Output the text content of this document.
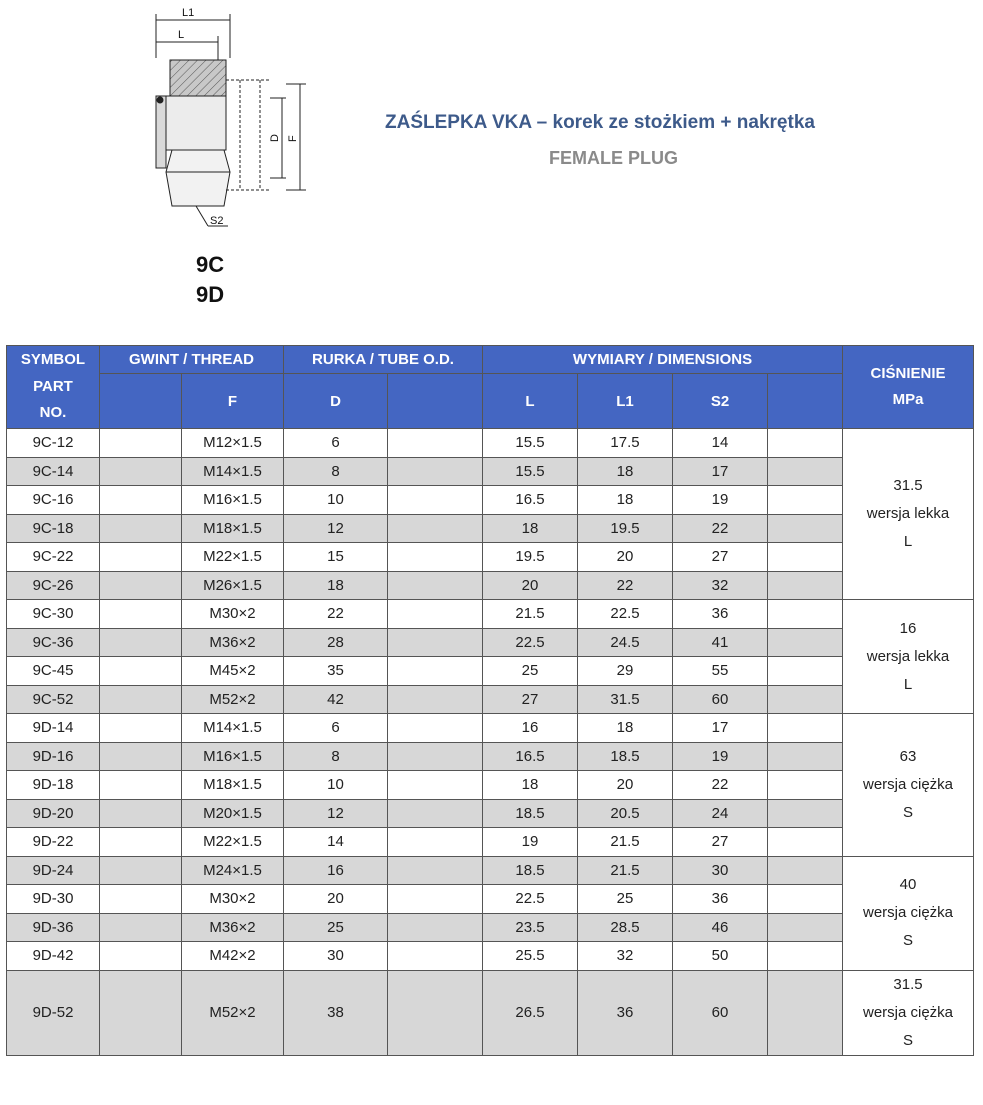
L1
L
D F
S2
9C
9D
ZAŚLEPKA VKA – korek ze stożkiem + nakrętka
FEMALE PLUG
SYMBOL
PART NO.	GWINT / THREAD		RURKA / TUBE O.D.		WYMIARY / DIMENSIONS				CIŚNIENIE MPa

		F	D		L	L1	S2		
9C-12		M12×1.5	6		15.5	17.5	14		31.5
wersja lekka
L

9C-14		M14×1.5	8		15.5	18	17		
9C-16		M16×1.5	10		16.5	18	19		
9C-18		M18×1.5	12		18	19.5	22		
9C-22		M22×1.5	15		19.5	20	27		
9C-26		M26×1.5	18		20	22	32		
9C-30		M30×2	22		21.5	22.5	36		16
wersja lekka
L

9C-36		M36×2	28		22.5	24.5	41		
9C-45		M45×2	35		25	29	55		
9C-52		M52×2	42		27	31.5	60		
9D-14		M14×1.5	6		16	18	17		63
wersja ciężka
S

9D-16		M16×1.5	8		16.5	18.5	19		
9D-18		M18×1.5	10		18	20	22		
9D-20		M20×1.5	12		18.5	20.5	24		
9D-22		M22×1.5	14		19	21.5	27		
9D-24		M24×1.5	16		18.5	21.5	30		40
wersja ciężka
S

9D-30		M30×2	20		22.5	25	36		
9D-36		M36×2	25		23.5	28.5	46		
9D-42		M42×2	30		25.5	32	50		
9D-52		M52×2	38		26.5	36	60		31.5
wersja ciężka
S
